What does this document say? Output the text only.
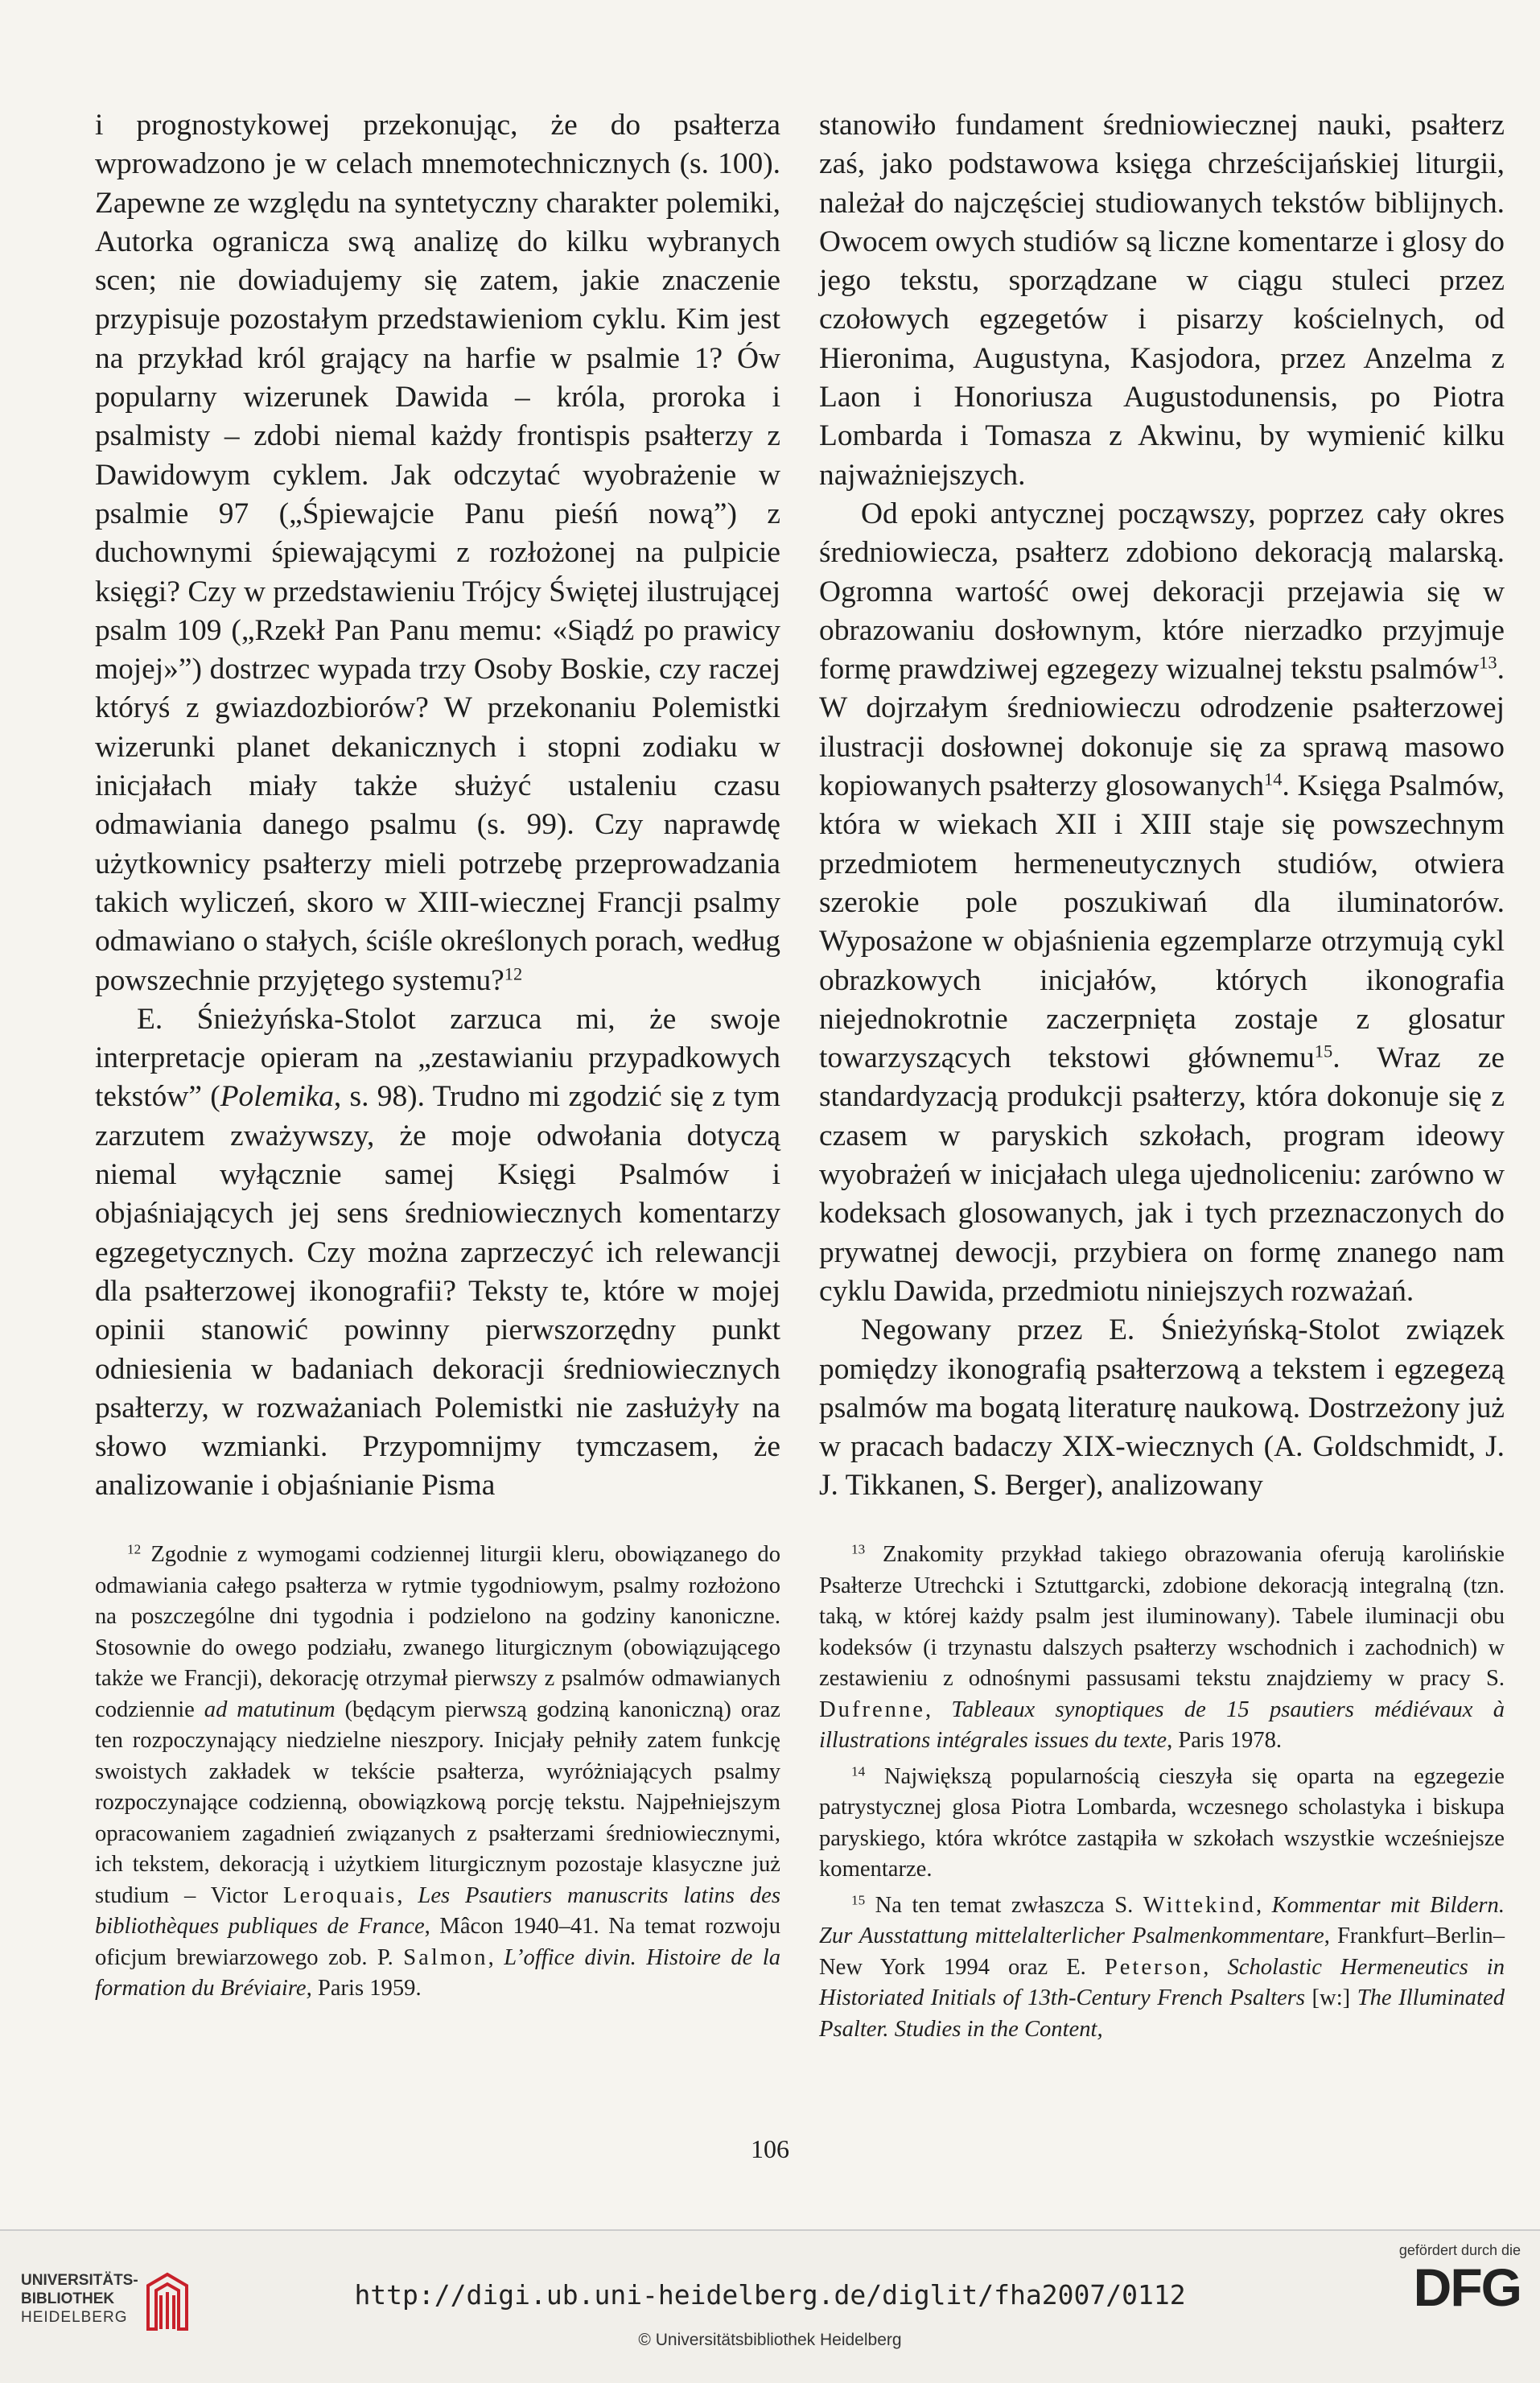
i prognostykowej przekonując, że do psałterza wprowadzono je w celach mnemotechnicznych (s. 100). Zapewne ze względu na syntetyczny charakter polemiki, Autorka ogranicza swą analizę do kilku wybranych scen; nie dowiadujemy się zatem, jakie znaczenie przypisuje pozostałym przedstawieniom cyklu. Kim jest na przykład król grający na harfie w psalmie 1? Ów popularny wizerunek Dawida – króla, proroka i psalmisty – zdobi niemal każdy frontispis psałterzy z Dawidowym cyklem. Jak odczytać wyobrażenie w psalmie 97 („Śpiewajcie Panu pieśń nową”) z duchownymi śpiewającymi z rozłożonej na pulpicie księgi? Czy w przedstawieniu Trójcy Świętej ilustrującej psalm 109 („Rzekł Pan Panu memu: «Siądź po prawicy mojej»”) dostrzec wypada trzy Osoby Boskie, czy raczej któryś z gwiazdozbiorów? W przekonaniu Polemistki wizerunki planet dekanicznych i stopni zodiaku w inicjałach miały także służyć ustaleniu czasu odmawiania danego psalmu (s. 99). Czy naprawdę użytkownicy psałterzy mieli potrzebę przeprowadzania takich wyliczeń, skoro w XIII-wiecznej Francji psalmy odmawiano o stałych, ściśle określonych porach, według powszechnie przyjętego systemu?$^{12}$

E. Śnieżyńska-Stolot zarzuca mi, że swoje interpretacje opieram na „zestawianiu przypadkowych tekstów” (Polemika, s. 98). Trudno mi zgodzić się z tym zarzutem zważywszy, że moje odwołania dotyczą niemal wyłącznie samej Księgi Psalmów i objaśniających jej sens średniowiecznych komentarzy egzegetycznych. Czy można zaprzeczyć ich relewancji dla psałterzowej ikonografii? Teksty te, które w mojej opinii stanowić powinny pierwszorzędny punkt odniesienia w badaniach dekoracji średniowiecznych psałterzy, w rozważaniach Polemistki nie zasłużyły na słowo wzmianki. Przypomnijmy tymczasem, że analizowanie i objaśnianie Pisma

stanowiło fundament średniowiecznej nauki, psałterz zaś, jako podstawowa księga chrześcijańskiej liturgii, należał do najczęściej studiowanych tekstów biblijnych. Owocem owych studiów są liczne komentarze i glosy do jego tekstu, sporządzane w ciągu stuleci przez czołowych egzegetów i pisarzy kościelnych, od Hieronima, Augustyna, Kasjodora, przez Anzelma z Laon i Honoriusza Augustodunensis, po Piotra Lombarda i Tomasza z Akwinu, by wymienić kilku najważniejszych.

Od epoki antycznej począwszy, poprzez cały okres średniowiecza, psałterz zdobiono dekoracją malarską. Ogromna wartość owej dekoracji przejawia się w obrazowaniu dosłownym, które nierzadko przyjmuje formę prawdziwej egzegezy wizualnej tekstu psalmów$^{13}$. W dojrzałym średniowieczu odrodzenie psałterzowej ilustracji dosłownej dokonuje się za sprawą masowo kopiowanych psałterzy glosowanych$^{14}$. Księga Psalmów, która w wiekach XII i XIII staje się powszechnym przedmiotem hermeneutycznych studiów, otwiera szerokie pole poszukiwań dla iluminatorów. Wyposażone w objaśnienia egzemplarze otrzymują cykl obrazkowych inicjałów, których ikonografia niejednokrotnie zaczerpnięta zostaje z glosatur towarzyszących tekstowi głównemu$^{15}$. Wraz ze standardyzacją produkcji psałterzy, która dokonuje się z czasem w paryskich szkołach, program ideowy wyobrażeń w inicjałach ulega ujednoliceniu: zarówno w kodeksach glosowanych, jak i tych przeznaczonych do prywatnej dewocji, przybiera on formę znanego nam cyklu Dawida, przedmiotu niniejszych rozważań.

Negowany przez E. Śnieżyńską-Stolot związek pomiędzy ikonografią psałterzową a tekstem i egzegezą psalmów ma bogatą literaturę naukową. Dostrzeżony już w pracach badaczy XIX-wiecznych (A. Goldschmidt, J. J. Tikkanen, S. Berger), analizowany

$^{12}$ Zgodnie z wymogami codziennej liturgii kleru, obowiązanego do odmawiania całego psałterza w rytmie tygodniowym, psalmy rozłożono na poszczególne dni tygodnia i podzielono na godziny kanoniczne. Stosownie do owego podziału, zwanego liturgicznym (obowiązującego także we Francji), dekorację otrzymał pierwszy z psalmów odmawianych codziennie ad matutinum (będącym pierwszą godziną kanoniczną) oraz ten rozpoczynający niedzielne nieszpory. Inicjały pełniły zatem funkcję swoistych zakładek w tekście psałterza, wyróżniających psalmy rozpoczynające codzienną, obowiązkową porcję tekstu. Najpełniejszym opracowaniem zagadnień związanych z psałterzami średniowiecznymi, ich tekstem, dekoracją i użytkiem liturgicznym pozostaje klasyczne już studium – Victor Leroquais, Les Psautiers manuscrits latins des bibliothèques publiques de France, Mâcon 1940–41. Na temat rozwoju oficjum brewiarzowego zob. P. Salmon, L’office divin. Histoire de la formation du Bréviaire, Paris 1959.

$^{13}$ Znakomity przykład takiego obrazowania oferują karolińskie Psałterze Utrechcki i Sztuttgarcki, zdobione dekoracją integralną (tzn. taką, w której każdy psalm jest iluminowany). Tabele iluminacji obu kodeksów (i trzynastu dalszych psałterzy wschodnich i zachodnich) w zestawieniu z odnośnymi passusami tekstu znajdziemy w pracy S. Dufrenne, Tableaux synoptiques de 15 psautiers médiévaux à illustrations intégrales issues du texte, Paris 1978.

$^{14}$ Największą popularnością cieszyła się oparta na egzegezie patrystycznej glosa Piotra Lombarda, wczesnego scholastyka i biskupa paryskiego, która wkrótce zastąpiła w szkołach wszystkie wcześniejsze komentarze.

$^{15}$ Na ten temat zwłaszcza S. Wittekind, Kommentar mit Bildern. Zur Ausstattung mittelalterlicher Psalmenkommentare, Frankfurt–Berlin–New York 1994 oraz E. Peterson, Scholastic Hermeneutics in Historiated Initials of 13th-Century French Psalters [w:] The Illuminated Psalter. Studies in the Content,

106
UNIVERSITÄTS-
BIBLIOTHEK
HEIDELBERG
http://digi.ub.uni-heidelberg.de/diglit/fha2007/0112
© Universitätsbibliothek Heidelberg
gefördert durch die
DFG
